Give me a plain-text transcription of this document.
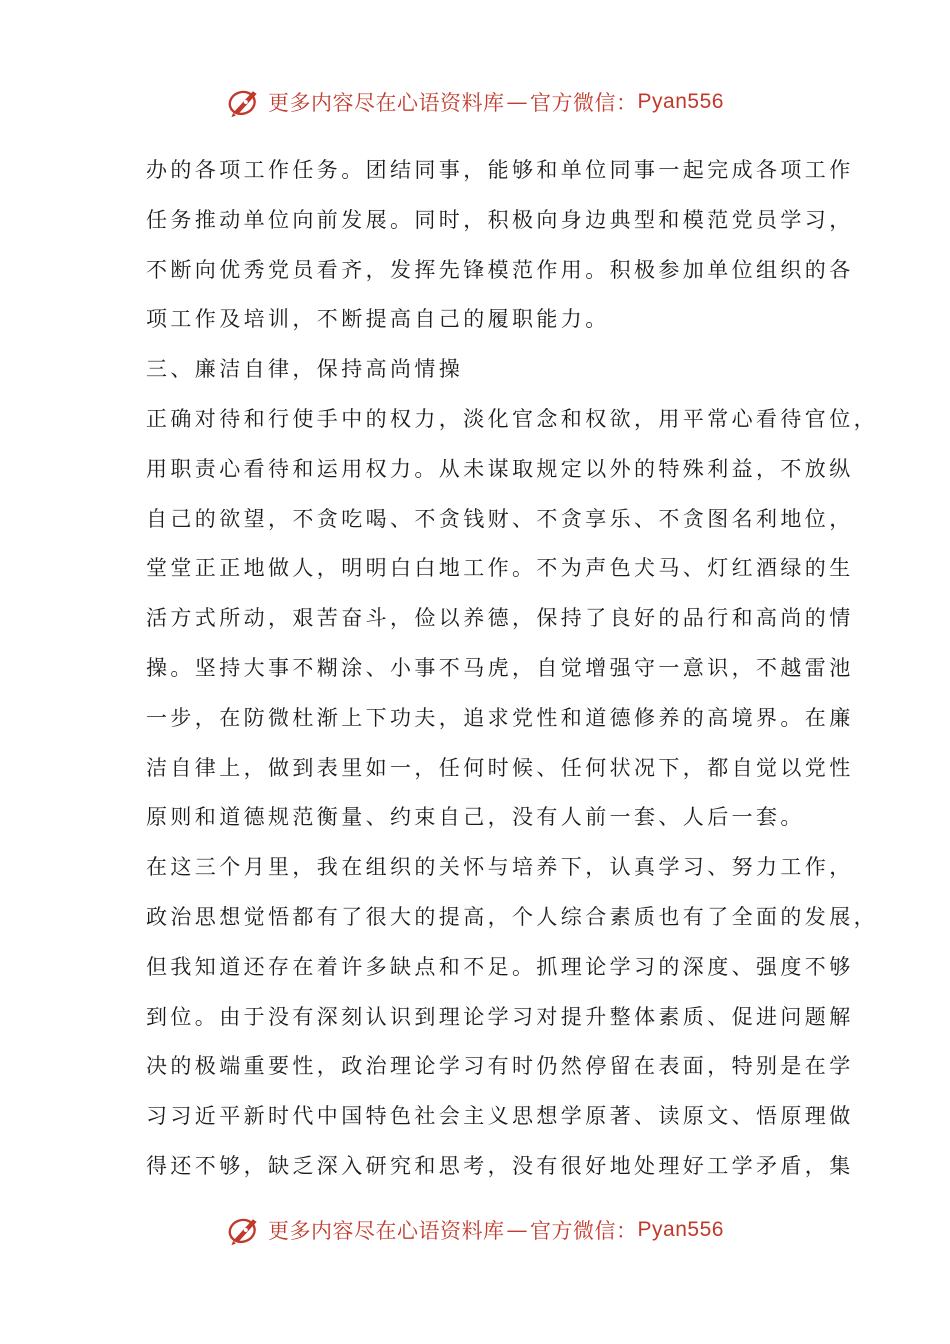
更多内容尽在心语资料库 — 官方微信： Pyan556
办的各项工作任务。团结同事，能够和单位同事一起完成各项工作
任务推动单位向前发展。同时，积极向身边典型和模范党员学习，
不断向优秀党员看齐，发挥先锋模范作用。积极参加单位组织的各
项工作及培训，不断提高自己的履职能力。
三、廉洁自律，保持高尚情操
正确对待和行使手中的权力，淡化官念和权欲，用平常心看待官位，
用职责心看待和运用权力。从未谋取规定以外的特殊利益，不放纵
自己的欲望，不贪吃喝、不贪钱财、不贪享乐、不贪图名利地位，
堂堂正正地做人，明明白白地工作。不为声色犬马、灯红酒绿的生
活方式所动，艰苦奋斗，俭以养德，保持了良好的品行和高尚的情
操。坚持大事不糊涂、小事不马虎，自觉增强守一意识，不越雷池
一步，在防微杜渐上下功夫，追求党性和道德修养的高境界。在廉
洁自律上，做到表里如一，任何时候、任何状况下，都自觉以党性
原则和道德规范衡量、约束自己，没有人前一套、人后一套。
在这三个月里，我在组织的关怀与培养下，认真学习、努力工作，
政治思想觉悟都有了很大的提高，个人综合素质也有了全面的发展，
但我知道还存在着许多缺点和不足。抓理论学习的深度、强度不够
到位。由于没有深刻认识到理论学习对提升整体素质、促进问题解
决的极端重要性，政治理论学习有时仍然停留在表面，特别是在学
习习近平新时代中国特色社会主义思想学原著、读原文、悟原理做
得还不够，缺乏深入研究和思考，没有很好地处理好工学矛盾，集
更多内容尽在心语资料库 — 官方微信： Pyan556
